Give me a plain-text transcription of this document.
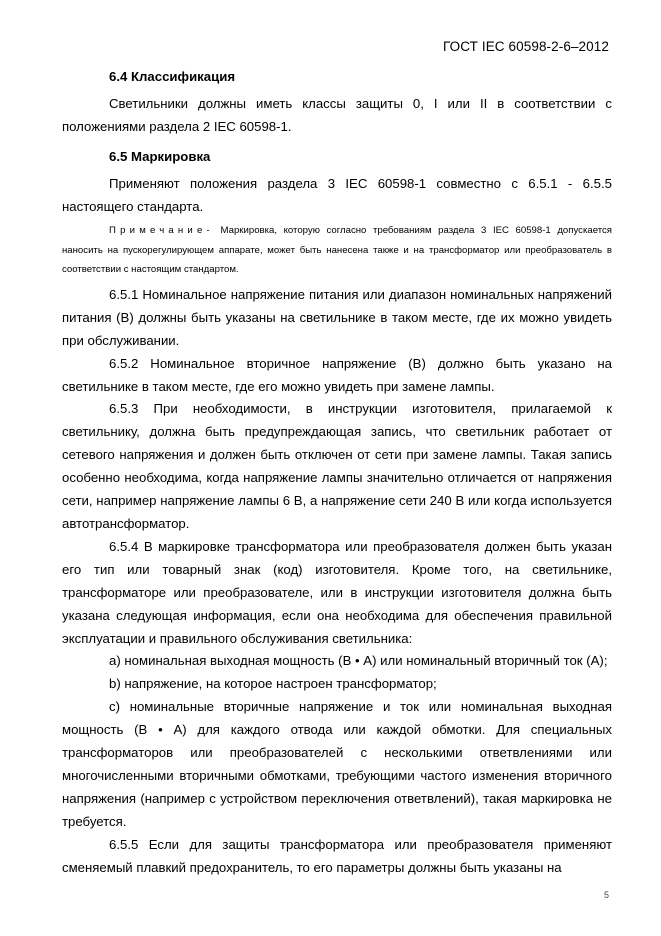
ГОСТ IEC 60598-2-6–2012

6.4 Классификация

Светильники должны иметь классы защиты 0, I или II в соответствии с положениями раздела 2 IEC 60598-1.

6.5 Маркировка

Применяют положения раздела 3 IEC 60598-1 совместно с 6.5.1 - 6.5.5 настоящего стандарта.

Примечание- Маркировка, которую согласно требованиям раздела 3 IEC 60598-1 допускается наносить на пускорегулирующем аппарате, может быть нанесена также и на трансформатор или преобразователь в соответствии с настоящим стандартом.

6.5.1 Номинальное напряжение питания или диапазон номинальных напряжений питания (В) должны быть указаны на светильнике в таком месте, где их можно увидеть при обслуживании.

6.5.2 Номинальное вторичное напряжение (В) должно быть указано на светильнике в таком месте, где его можно увидеть при замене лампы.

6.5.3 При необходимости, в инструкции изготовителя, прилагаемой к светильнику, должна быть предупреждающая запись, что светильник работает от сетевого напряжения и должен быть отключен от сети при замене лампы. Такая запись особенно необходима, когда напряжение лампы значительно отличается от напряжения сети, например напряжение лампы 6 В, а напряжение сети 240 В или когда используется автотрансформатор.

6.5.4 В маркировке трансформатора или преобразователя должен быть указан его тип или товарный знак (код) изготовителя. Кроме того, на светильнике, трансформаторе или преобразователе, или в инструкции изготовителя должна быть указана следующая информация, если она необходима для обеспечения правильной эксплуатации и правильного обслуживания светильника:

a) номинальная выходная мощность (В • А) или номинальный вторичный ток (А);

b) напряжение, на которое настроен трансформатор;

c) номинальные вторичные напряжение и ток или номинальная выходная мощность (В • А) для каждого отвода или каждой обмотки. Для специальных трансформаторов или преобразователей с несколькими ответвлениями или многочисленными вторичными обмотками, требующими частого изменения вторичного напряжения (например с устройством переключения ответвлений), такая маркировка не требуется.

6.5.5 Если для защиты трансформатора или преобразователя применяют сменяемый плавкий предохранитель, то его параметры должны быть указаны на

5
